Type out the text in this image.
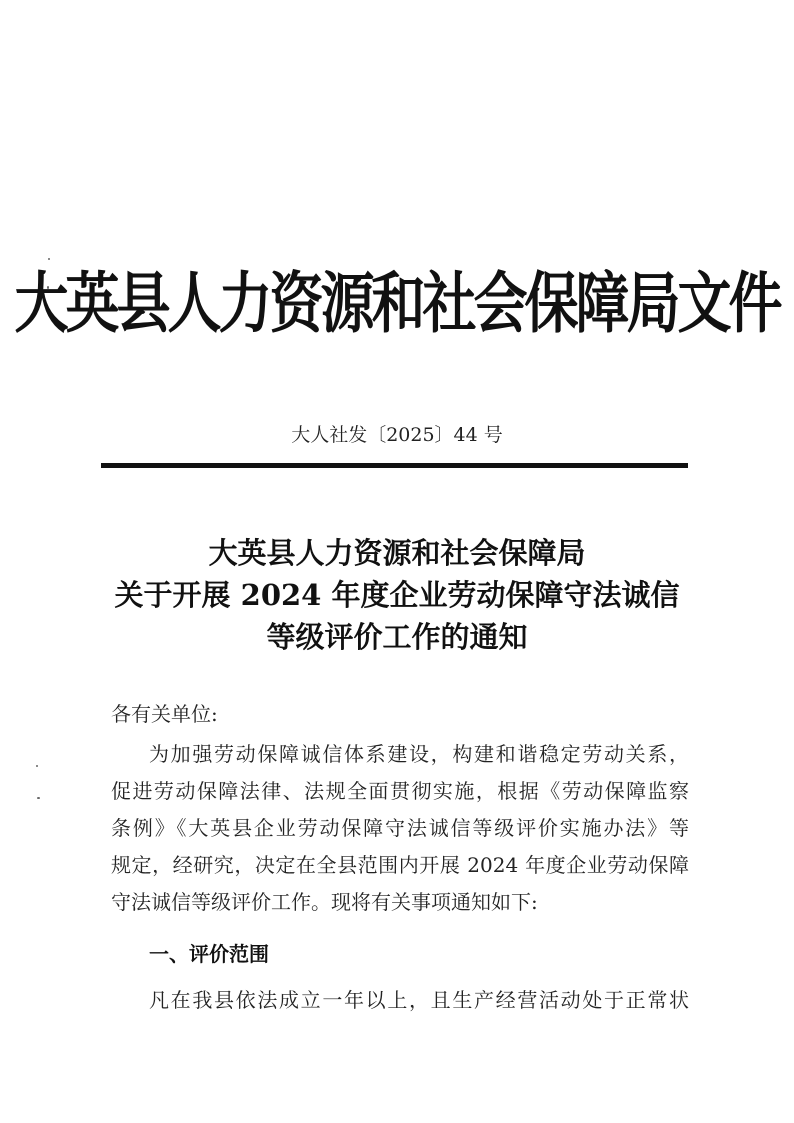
大英县人力资源和社会保障局文件
大人社发〔2025〕44 号
大英县人力资源和社会保障局
关于开展 2024 年度企业劳动保障守法诚信
等级评价工作的通知
各有关单位:
为加强劳动保障诚信体系建设，构建和谐稳定劳动关系，
促进劳动保障法律、法规全面贯彻实施，根据《劳动保障监察
条例》《大英县企业劳动保障守法诚信等级评价实施办法》等
规定，经研究，决定在全县范围内开展 2024 年度企业劳动保障
守法诚信等级评价工作。现将有关事项通知如下:
一、评价范围
凡在我县依法成立一年以上，且生产经营活动处于正常状
